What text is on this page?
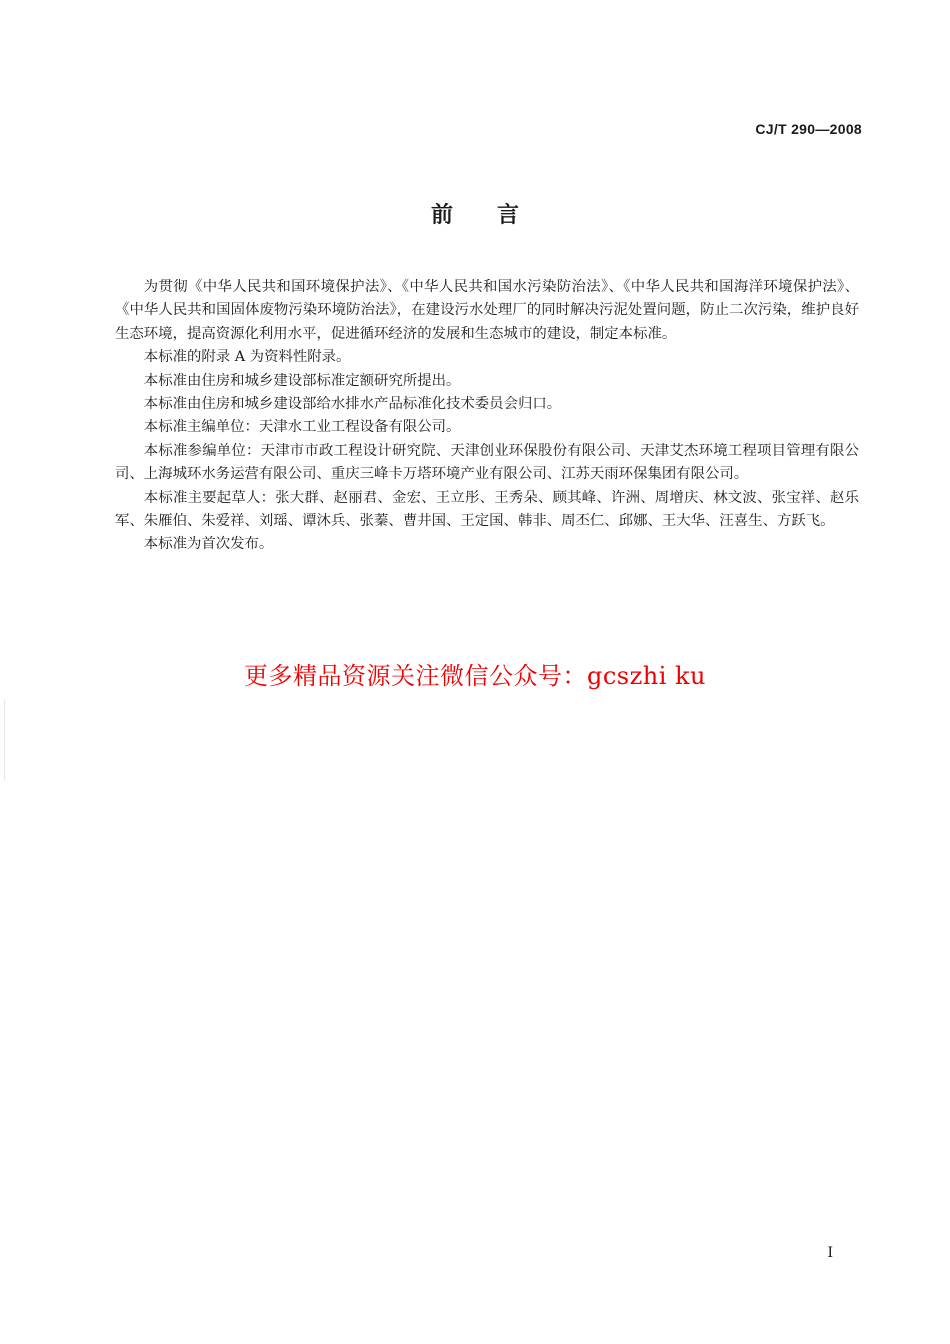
CJ/T 290—2008
前言

为贯彻《中华人民共和国环境保护法》、《中华人民共和国水污染防治法》、《中华人民共和国海洋环境保护法》、《中华人民共和国固体废物污染环境防治法》，在建设污水处理厂的同时解决污泥处置问题，防止二次污染，维护良好生态环境，提高资源化利用水平，促进循环经济的发展和生态城市的建设，制定本标准。

本标准的附录 A 为资料性附录。

本标准由住房和城乡建设部标准定额研究所提出。

本标准由住房和城乡建设部给水排水产品标准化技术委员会归口。

本标准主编单位：天津水工业工程设备有限公司。

本标准参编单位：天津市市政工程设计研究院、天津创业环保股份有限公司、天津艾杰环境工程项目管理有限公司、上海城环水务运营有限公司、重庆三峰卡万塔环境产业有限公司、江苏天雨环保集团有限公司。

本标准主要起草人：张大群、赵丽君、金宏、王立彤、王秀朵、顾其峰、许洲、周增庆、林文波、张宝祥、赵乐军、朱雁伯、朱爱祥、刘瑶、谭沐兵、张蓁、曹井国、王定国、韩非、周丕仁、邱娜、王大华、汪喜生、方跃飞。

本标准为首次发布。

更多精品资源关注微信公众号：gcszhi ku
I
